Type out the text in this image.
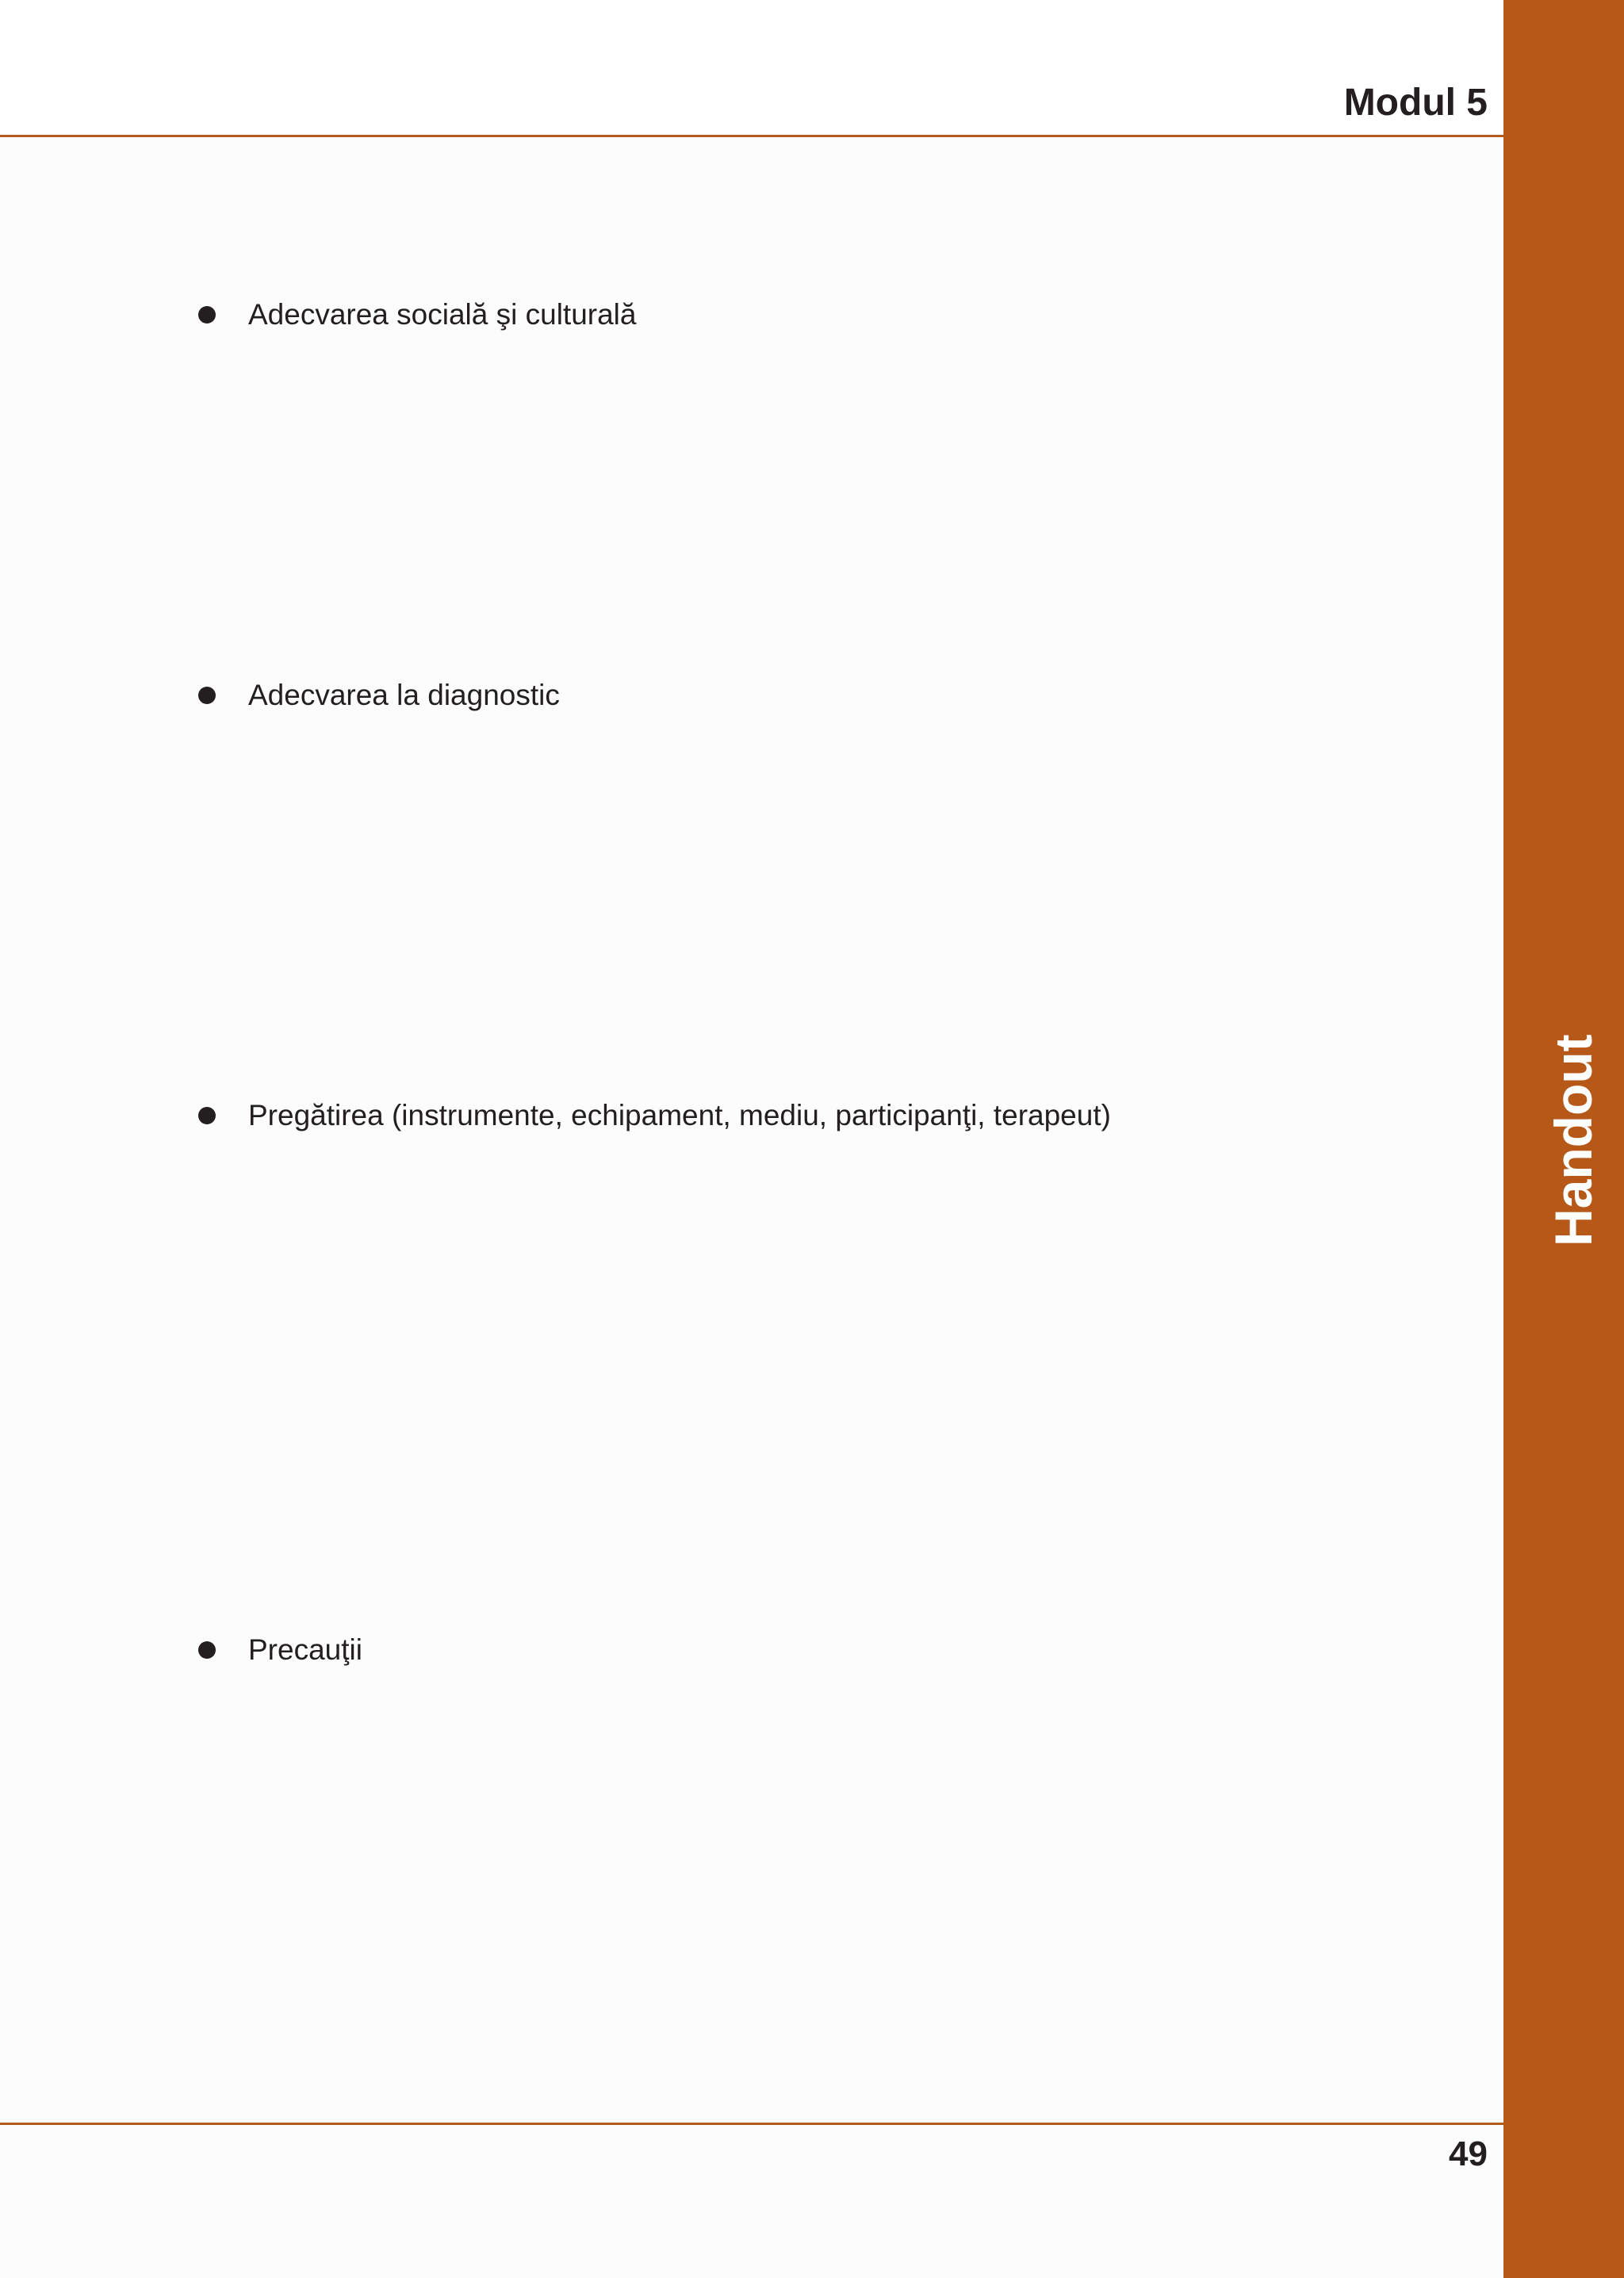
Modul 5
Handout
Adecvarea socială şi culturală
Adecvarea la diagnostic
Pregătirea (instrumente, echipament, mediu, participanţi, terapeut)
Precauţii
49
